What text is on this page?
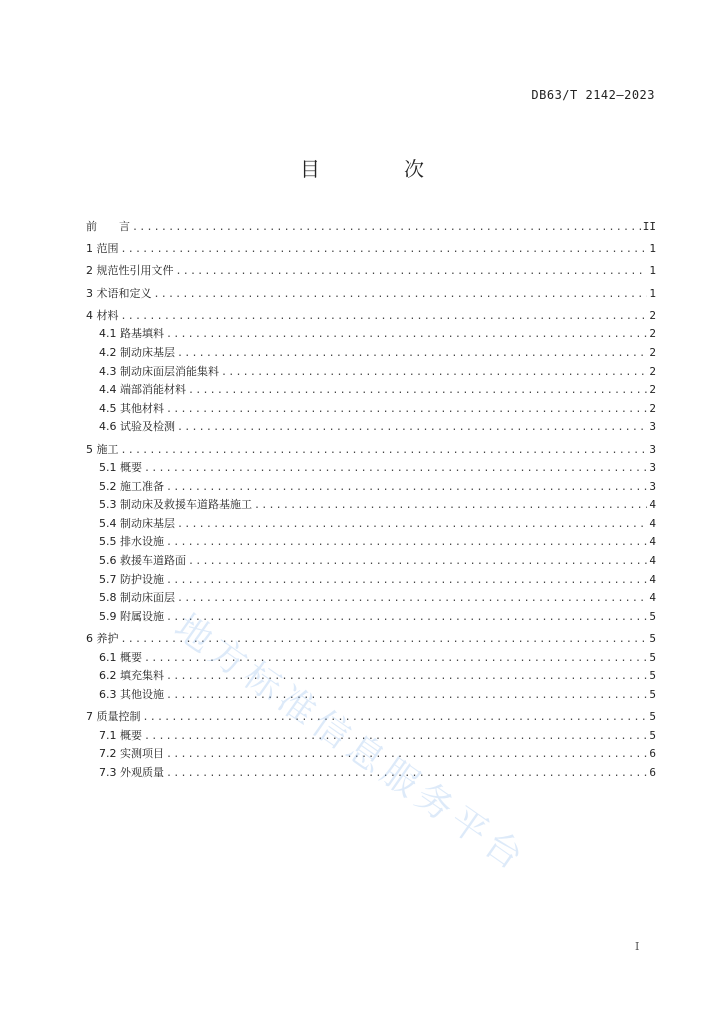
DB63/T 2142—2023
目　次
前　　言 .....	II
1 范围 .....	1
2 规范性引用文件 .....	1
3 术语和定义 .....	1
4 材料 .....	2
4.1 路基填料 .....	2
4.2 制动床基层 .....	2
4.3 制动床面层消能集料 .....	2
4.4 端部消能材料 .....	2
4.5 其他材料 .....	2
4.6 试验及检测 .....	3
5 施工 .....	3
5.1 概要 .....	3
5.2 施工准备 .....	3
5.3 制动床及救援车道路基施工 .....	4
5.4 制动床基层 .....	4
5.5 排水设施 .....	4
5.6 救援车道路面 .....	4
5.7 防护设施 .....	4
5.8 制动床面层 .....	4
5.9 附属设施 .....	5
6 养护 .....	5
6.1 概要 .....	5
6.2 填充集料 .....	5
6.3 其他设施 .....	5
7 质量控制 .....	5
7.1 概要 .....	5
7.2 实测项目 .....	6
7.3 外观质量 .....	6
I
地方标准信息服务平台
